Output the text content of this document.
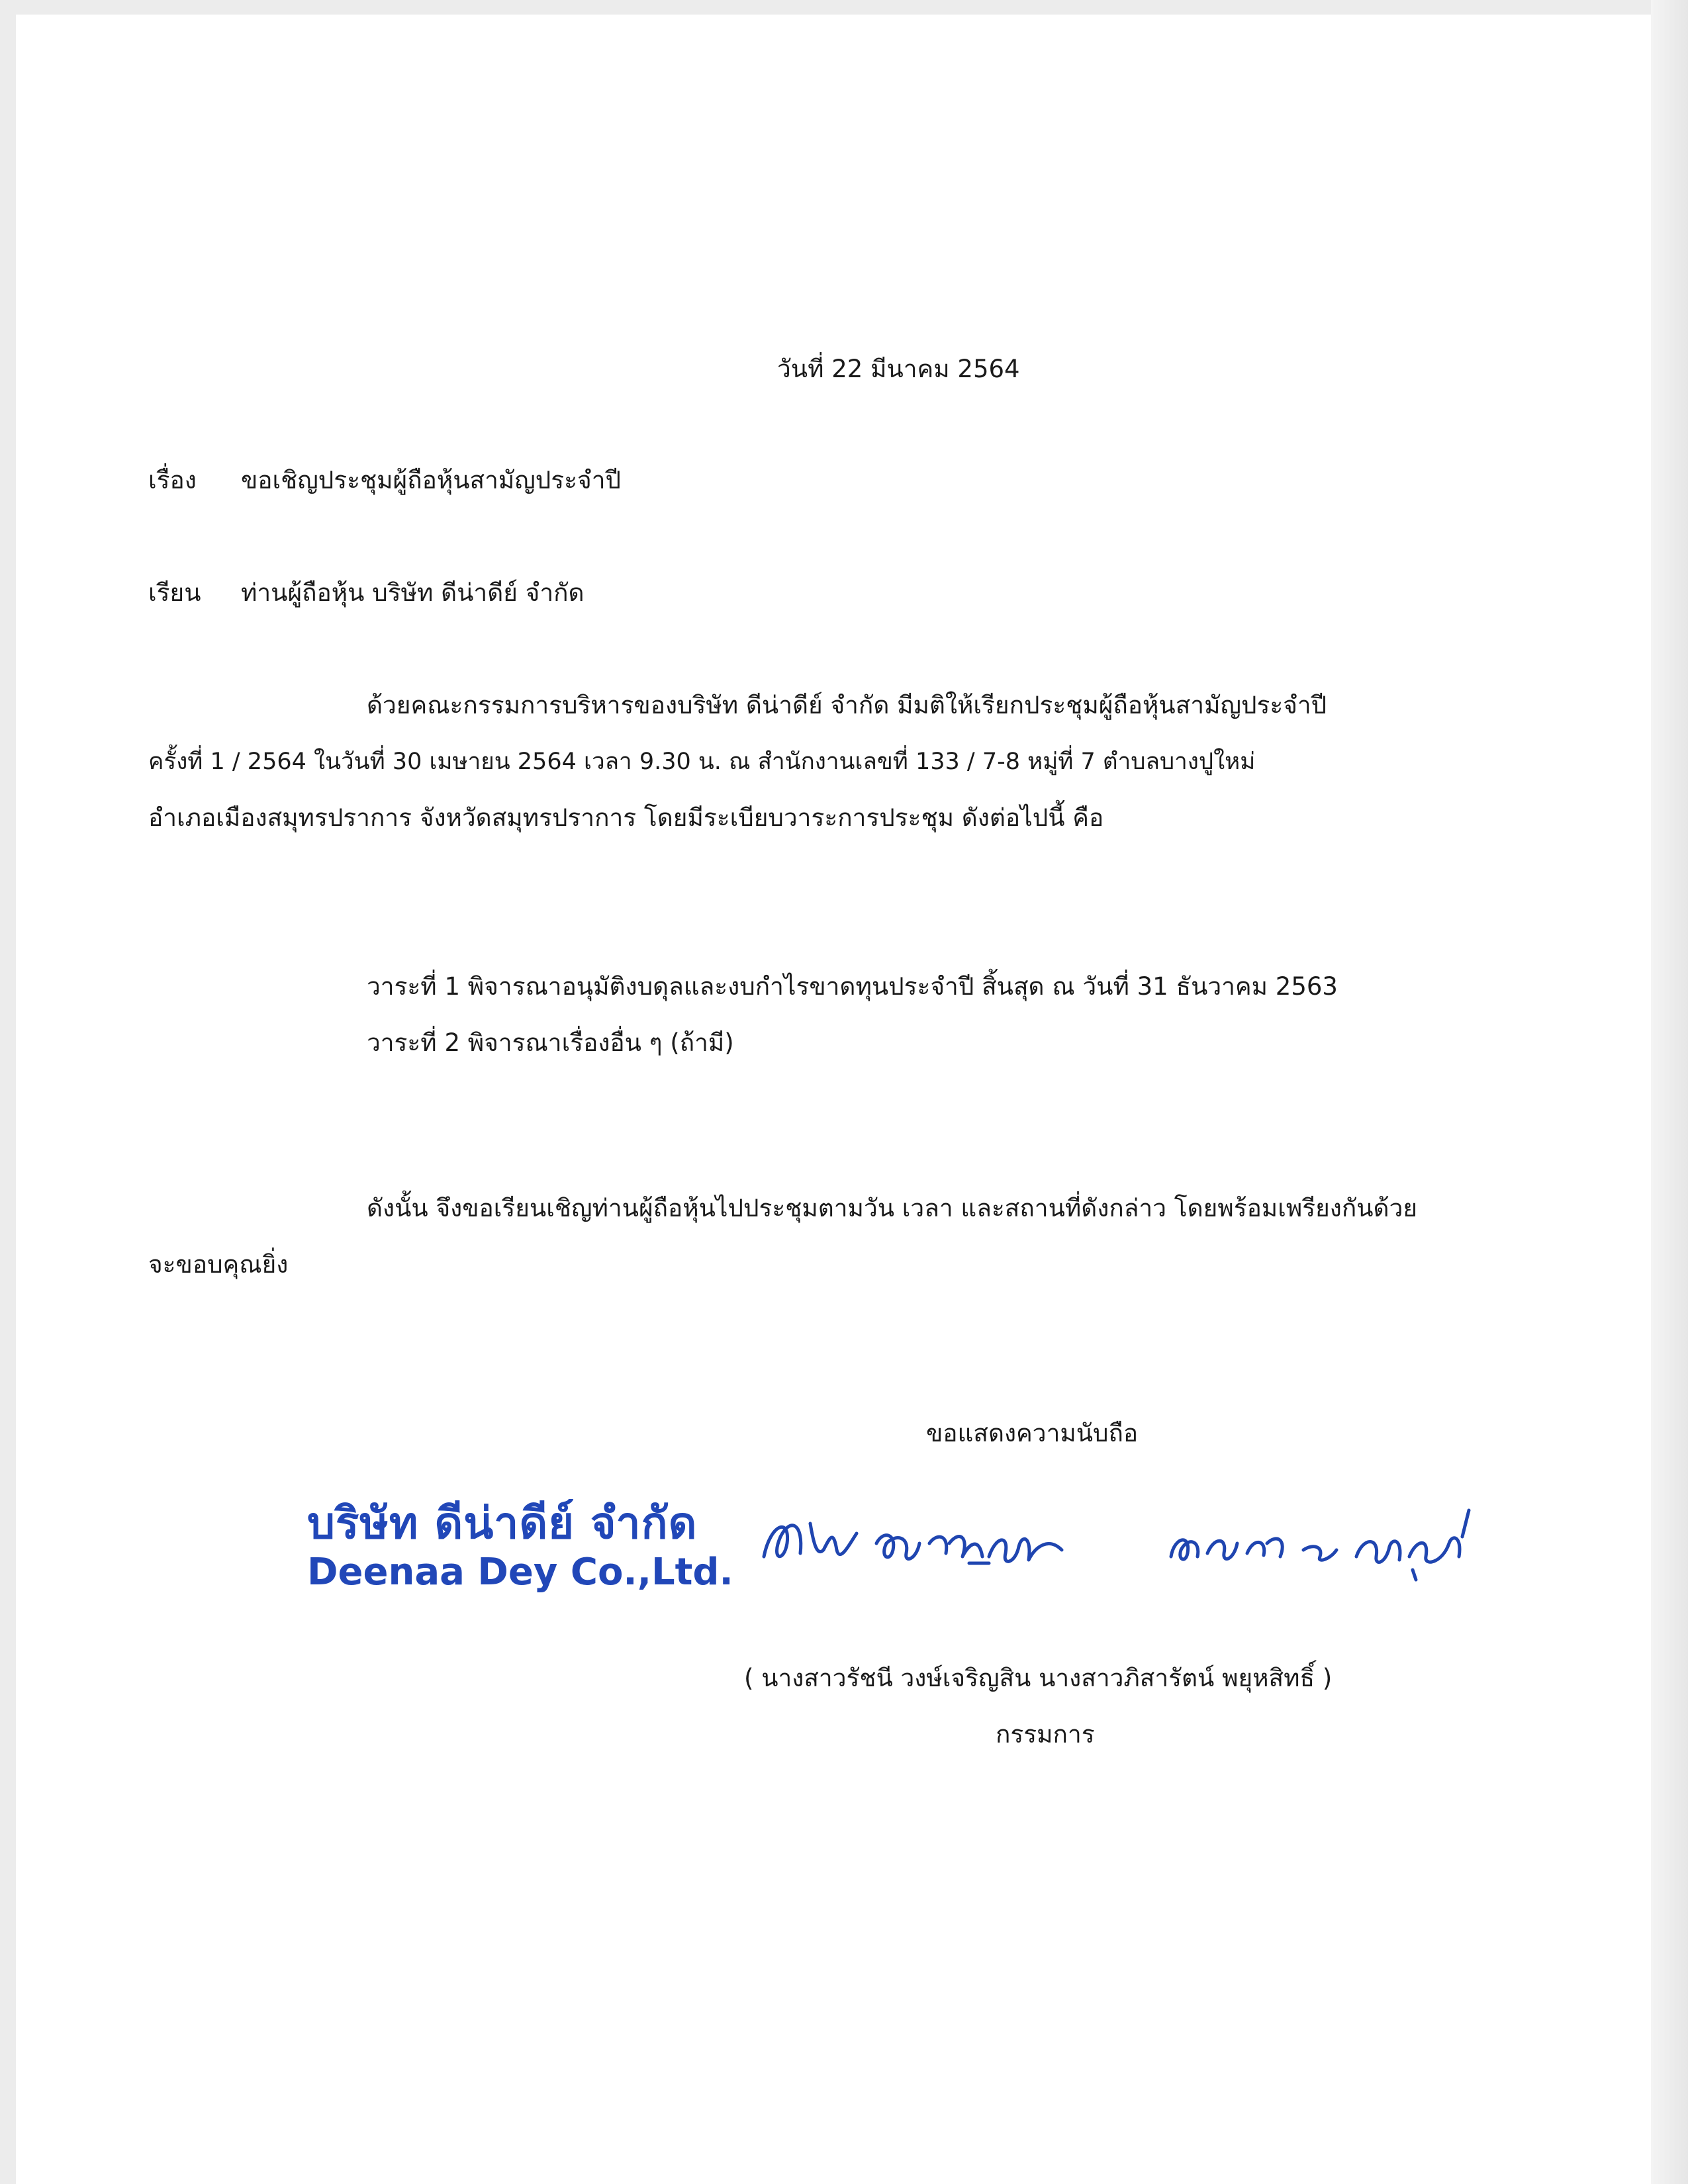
วันที่ 22 มีนาคม 2564
เรื่อง ขอเชิญประชุมผู้ถือหุ้นสามัญประจำปี
เรียน ท่านผู้ถือหุ้น บริษัท ดีน่าดีย์ จำกัด
ด้วยคณะกรรมการบริหารของบริษัท ดีน่าดีย์ จำกัด มีมติให้เรียกประชุมผู้ถือหุ้นสามัญประจำปี
ครั้งที่ 1 / 2564 ในวันที่ 30 เมษายน 2564 เวลา 9.30 น. ณ สำนักงานเลขที่ 133 / 7-8 หมู่ที่ 7 ตำบลบางปูใหม่
อำเภอเมืองสมุทรปราการ จังหวัดสมุทรปราการ โดยมีระเบียบวาระการประชุม ดังต่อไปนี้ คือ
วาระที่ 1 พิจารณาอนุมัติงบดุลและงบกำไรขาดทุนประจำปี สิ้นสุด ณ วันที่ 31 ธันวาคม 2563
วาระที่ 2 พิจารณาเรื่องอื่น ๆ (ถ้ามี)
ดังนั้น จึงขอเรียนเชิญท่านผู้ถือหุ้นไปประชุมตามวัน เวลา และสถานที่ดังกล่าว โดยพร้อมเพรียงกันด้วย
จะขอบคุณยิ่ง
ขอแสดงความนับถือ
บริษัท ดีน่าดีย์ จำกัด
Deenaa Dey Co.,Ltd.
( นางสาวรัชนี วงษ์เจริญสิน นางสาวภิสารัตน์ พยุหสิทธิ์ )
กรรมการ
